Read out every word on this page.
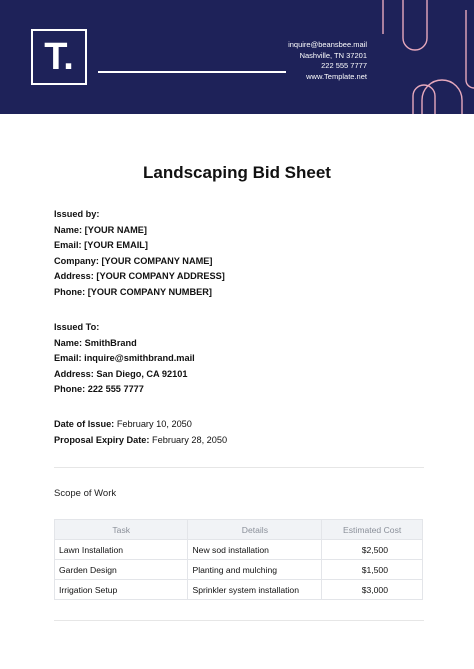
T.	inquire@beansbee.mail
Nashville, TN 37201
222 555 7777
www.Template.net
Landscaping Bid Sheet
Issued by:
Name: [YOUR NAME]
Email: [YOUR EMAIL]
Company: [YOUR COMPANY NAME]
Address: [YOUR COMPANY ADDRESS]
Phone: [YOUR COMPANY NUMBER]
Issued To:
Name: SmithBrand
Email: inquire@smithbrand.mail
Address: San Diego, CA 92101
Phone: 222 555 7777
Date of Issue: February 10, 2050
Proposal Expiry Date: February 28, 2050
Scope of Work
Task	Details	Estimated Cost
Lawn Installation	New sod installation	$2,500
Garden Design	Planting and mulching	$1,500
Irrigation Setup	Sprinkler system installation	$3,000
